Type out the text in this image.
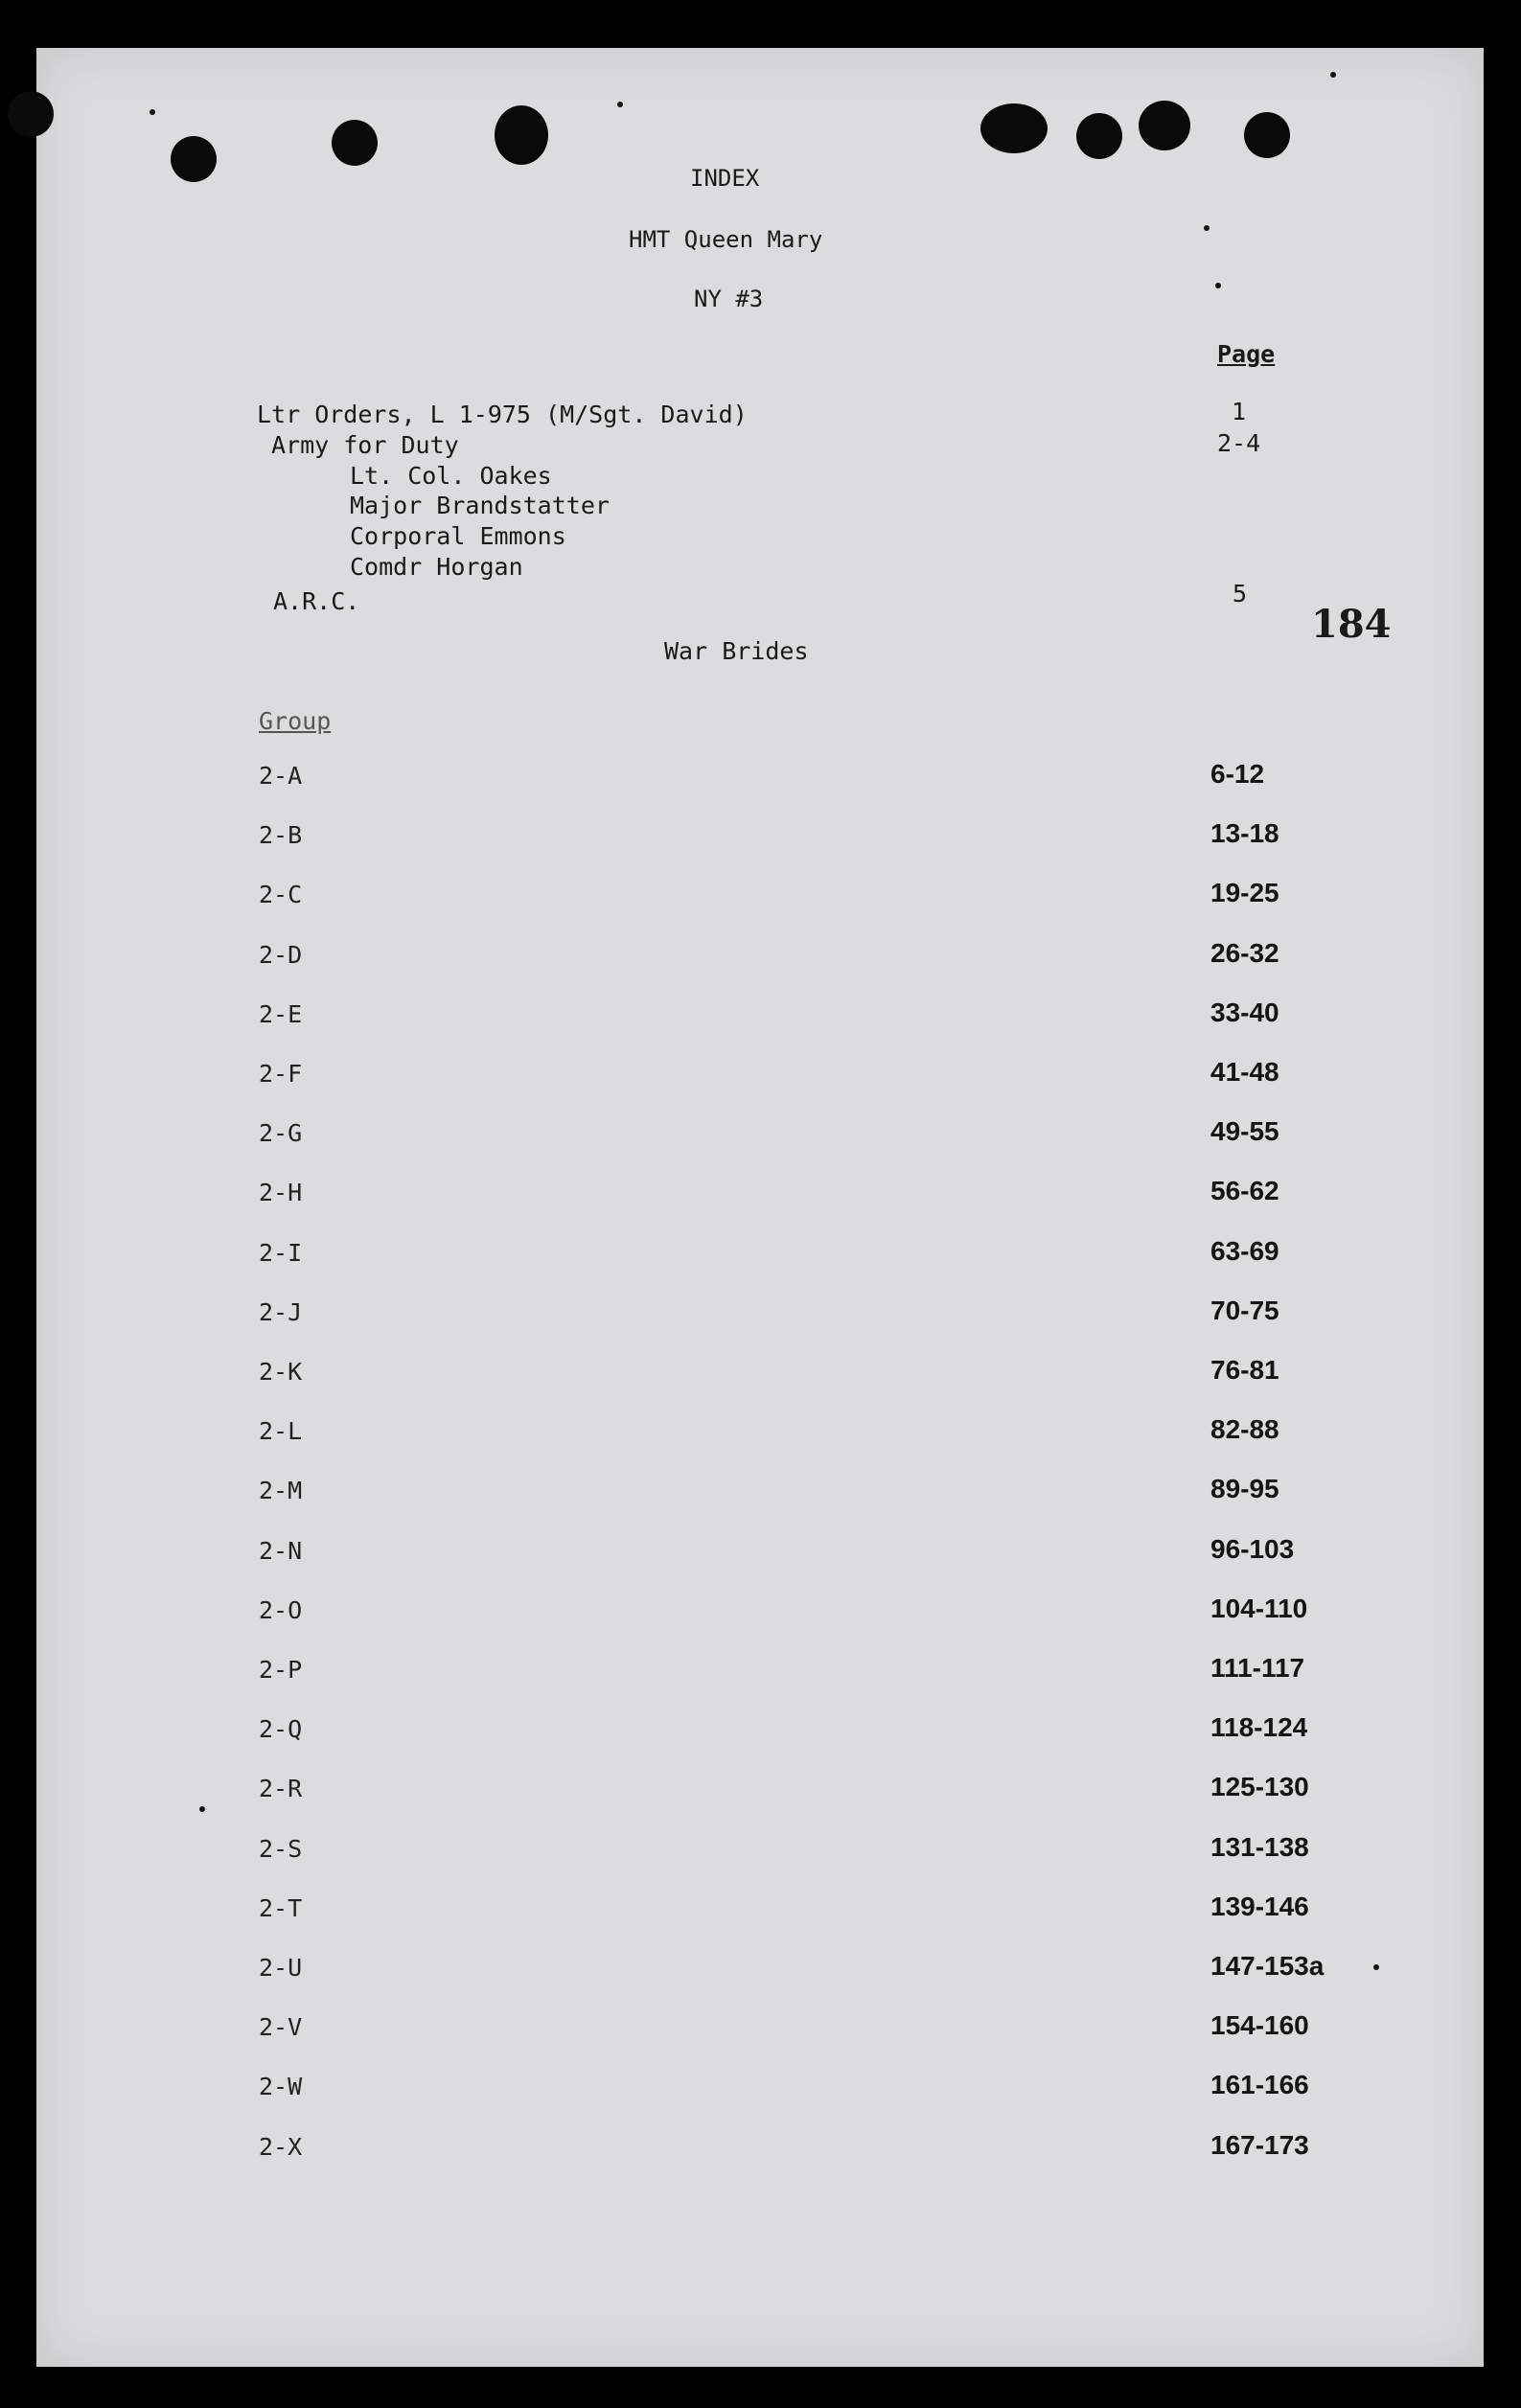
INDEX
HMT Queen Mary
NY #3
Page
Ltr Orders, L 1-975 (M/Sgt. David)	1
Army for Duty	2-4
Lt. Col. Oakes
Major Brandstatter
Corporal Emmons
Comdr Horgan
A.R.C.	5
184
War Brides
Group
2-A	6-12
2-B	13-18
2-C	19-25
2-D	26-32
2-E	33-40
2-F	41-48
2-G	49-55
2-H	56-62
2-I	63-69
2-J	70-75
2-K	76-81
2-L	82-88
2-M	89-95
2-N	96-103
2-O	104-110
2-P	111-117
2-Q	118-124
2-R	125-130
2-S	131-138
2-T	139-146
2-U	147-153a
2-V	154-160
2-W	161-166
2-X	167-173
